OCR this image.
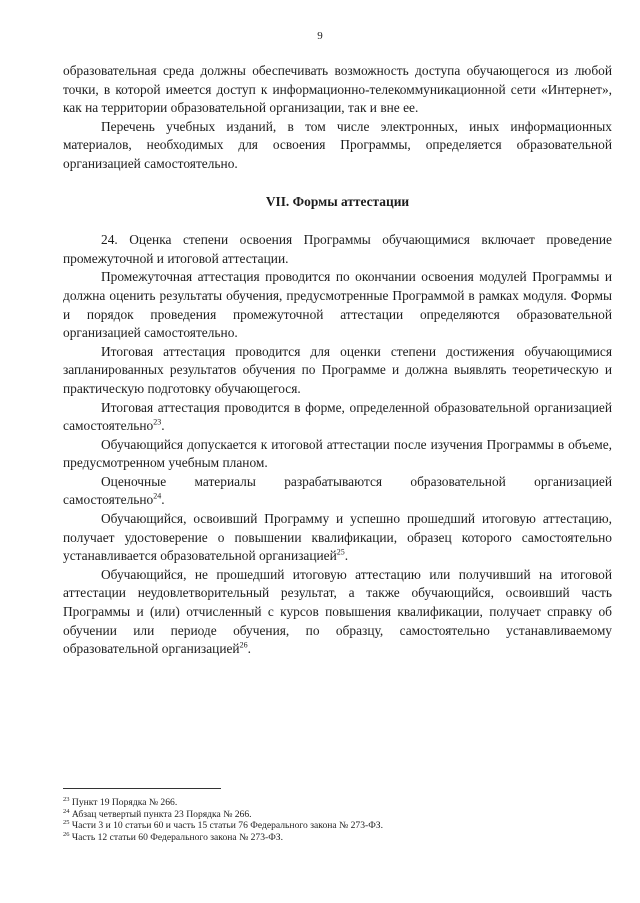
9

образовательная среда должны обеспечивать возможность доступа обучающегося из любой точки, в которой имеется доступ к информационно-телекоммуникационной сети «Интернет», как на территории образовательной организации, так и вне ее.

Перечень учебных изданий, в том числе электронных, иных информационных материалов, необходимых для освоения Программы, определяется образовательной организацией самостоятельно.

VII. Формы аттестации

24. Оценка степени освоения Программы обучающимися включает проведение промежуточной и итоговой аттестации.

Промежуточная аттестация проводится по окончании освоения модулей Программы и должна оценить результаты обучения, предусмотренные Программой в рамках модуля. Формы и порядок проведения промежуточной аттестации определяются образовательной организацией самостоятельно.

Итоговая аттестация проводится для оценки степени достижения обучающимися запланированных результатов обучения по Программе и должна выявлять теоретическую и практическую подготовку обучающегося.

Итоговая аттестация проводится в форме, определенной образовательной организацией самостоятельно$^{23}$.

Обучающийся допускается к итоговой аттестации после изучения Программы в объеме, предусмотренном учебным планом.

Оценочные материалы разрабатываются образовательной организацией самостоятельно$^{24}$.

Обучающийся, освоивший Программу и успешно прошедший итоговую аттестацию, получает удостоверение о повышении квалификации, образец которого самостоятельно устанавливается образовательной организацией$^{25}$.

Обучающийся, не прошедший итоговую аттестацию или получивший на итоговой аттестации неудовлетворительный результат, а также обучающийся, освоивший часть Программы и (или) отчисленный с курсов повышения квалификации, получает справку об обучении или периоде обучения, по образцу, самостоятельно устанавливаемому образовательной организацией$^{26}$.

$^{23}$ Пункт 19 Порядка № 266.
$^{24}$ Абзац четвертый пункта 23 Порядка № 266.
$^{25}$ Части 3 и 10 статьи 60 и часть 15 статьи 76 Федерального закона № 273-ФЗ.
$^{26}$ Часть 12 статьи 60 Федерального закона № 273-ФЗ.
